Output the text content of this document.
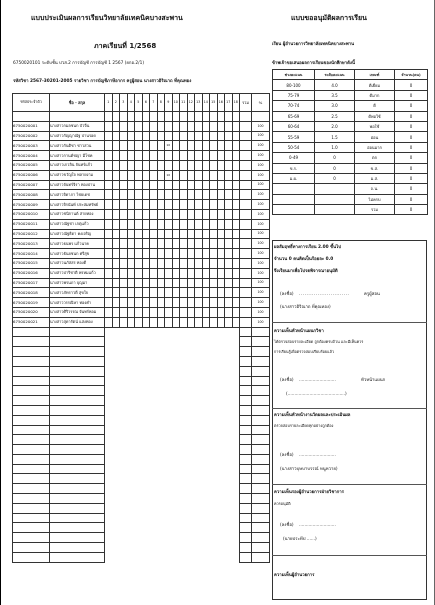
แบบประเมินผลการเรียนวิทยาลัยเทคนิคบางสะพาน
ภาคเรียนที่ 1/2568
6750020101 ระดับชั้น ปวส.2 การบัญชี การบัญชี 1 2567 (ยกอ.2/1)
รหัสวิชา 2567-30201-2005 รายวิชา การบัญชีภาษีอากร ครูผู้สอน นางสาวอิริณาถ ที่คุณทอง
แบบขออนุมัติผลการเรียน
เรียน ผู้อำนวยการวิทยาลัยเทคนิคบางสะพาน
ข้าพเจ้าขอเสนอผลการเรียนของนักศึกษาดังนี้
รหัสประจำตัว	ชื่อ - สกุล	1	2	3	4	5	6	7	8	9	10	11	12	13	14	15	16	17	18	รวม	%

6750020001	นางสาวกมลชนก บัวจีน																				100
6750020002	นางสาวกัญญาณัฐ ปานรอด																				100
6750020003	นางสาวกันติชา ชาวสวน									10											100
6750020004	นางสาวกานต์ชญา มีโชค																				100
6750020005	นางสาวเกวลิน จันทร์แก้ว																				100
6750020006	นางสาวขวัญใจ พลายงาม									10											100
6750020007	นางสาวจันทร์จิรา ทองปาน																				100
6750020008	นางสาวจิดาภา ไชยเดช																				100
6750020009	นางสาวจิรนันท์ ประสมทรัพย์																				100
6750020010	นางสาวชนิกานต์ สายทอง																				100
6750020011	นางสาวณัฐชา เกตุแก้ว																				100
6750020012	นางสาวณัฐธิดา คงเจริญ																				100
6750020013	นางสาวธนพร แก้วนาค																				100
6750020014	นางสาวธันยชนก ศรีสุข																				100
6750020015	นางสาวนภัสสร ทองดี																				100
6750020016	นางสาวปาริชาติ พรหมแก้ว																				100
6750020017	นางสาวพรนภา บุญมา																				100
6750020018	นางสาวภัทราวดี สุขใจ																				100
6750020019	นางสาววรรณิษา ทองคำ																				100
6750020020	นางสาวศิริวรรณ จันทร์หอม																				100
6750020021	นางสาวสุดารัตน์ แสงทอง																				100

ช่วงคะแนน	ระดับคะแนน	เกณฑ์	จำนวน(คน)
80-100	4.0	ดีเยี่ยม	0
75-79	3.5	ดีมาก	0
70-74	3.0	ดี	0
65-69	2.5	ดีพอใช้	0
60-64	2.0	พอใช้	0
55-59	1.5	อ่อน	0
50-54	1.0	อ่อนมาก	0
0-49	0	ตก	0
ข.ร.	0	ข.ส.	0
ม.ผ.	0	ม.ส.	0
		ถ.น.	0
		ไม่ครบ	0
		รวม	0
ผลสัมฤทธิ์ทางการเรียน 2.00 ขึ้นไป
จำนวน 0 คนคิดเป็นร้อยละ 0.0
จึงเรียนมาเพื่อโปรดพิจารณาอนุมัติ
(ลงชื่อ) ...........................	ครูผู้สอน
(นางสาวอิริณาถ ที่คุณทอง)
ความเห็นหัวหน้าแผนกวิชา
ได้ตรวจสอบรายละเอียด ถูกต้องครบถ้วน และมีเห็นควร
การเรียนรู้เพื่อตรวจสอบเรียบร้อยแล้ว
(ลงชื่อ) ...........................	หัวหน้าแผนก
(..........................................)
ความเห็นหัวหน้างานวัดผลและประเมินผล
ตรวจสอบรายละเอียดทุกอย่างถูกต้อง
(ลงชื่อ) ...........................
(นางสาวบุษบาบรรณ์ หนูหวาย)
ความเห็นรองผู้อำนวยการฝ่ายวิชาการ
ควรอนุมัติ
(ลงชื่อ) ...........................
(นายประทีป ......)
ความเห็นผู้อำนวยการ
